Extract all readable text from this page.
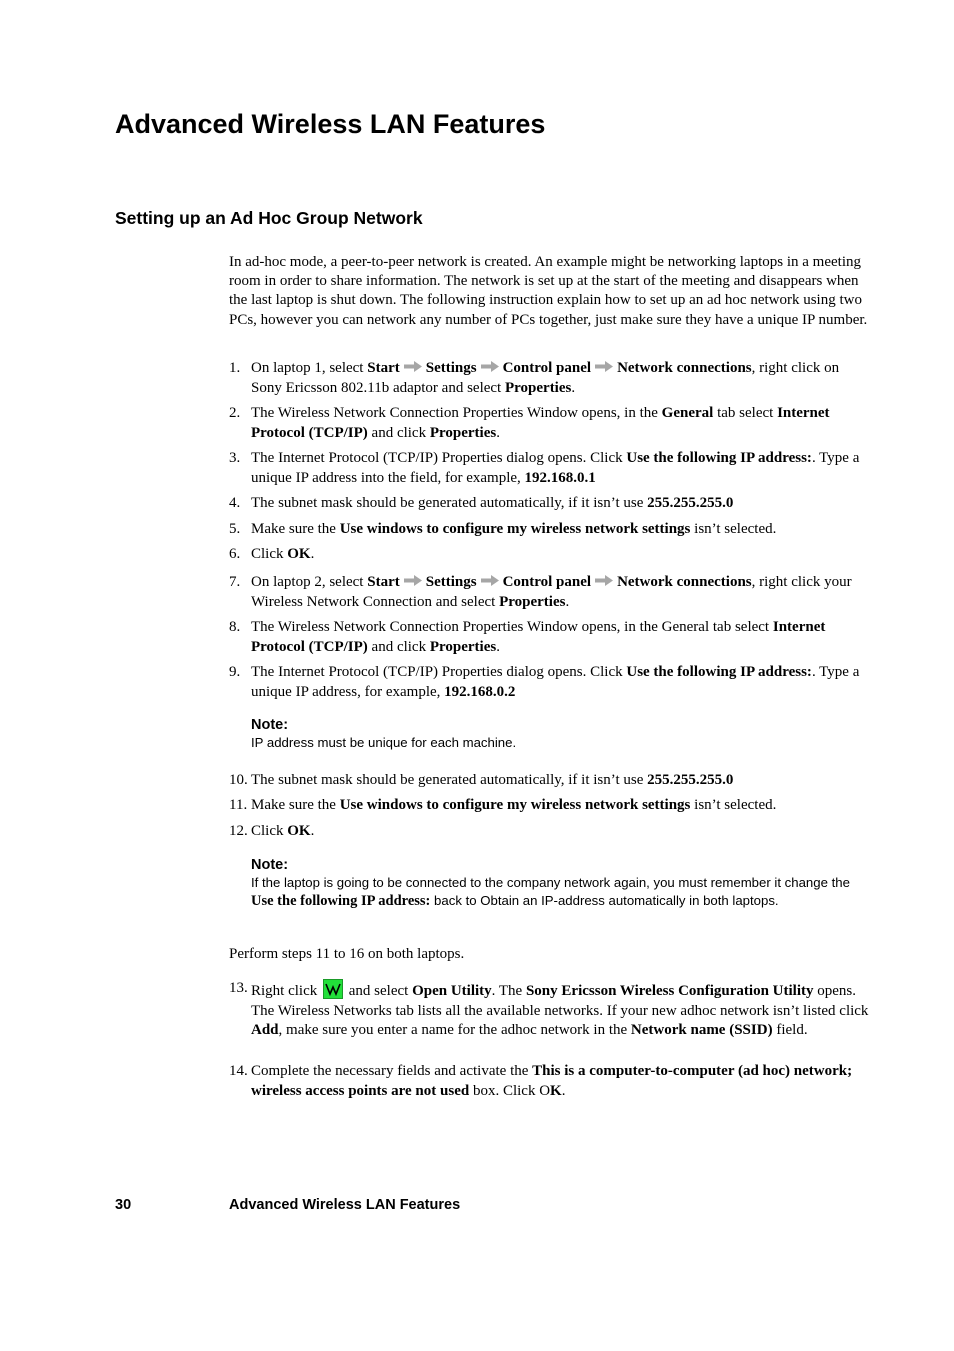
Advanced Wireless LAN Features
Setting up an Ad Hoc Group Network
In ad-hoc mode, a peer-to-peer network is created. An example might be networking laptops in a meeting room in order to share information. The network is set up at the start of the meeting and disappears when the last laptop is shut down. The following instruction explain how to set up an ad hoc network using two PCs, however you can network any number of PCs together, just make sure they have a unique IP number.
1. On laptop 1, select Start Settings Control panel Network connections, right click on Sony Ericsson 802.11b adaptor and select Properties.
2. The Wireless Network Connection Properties Window opens, in the General tab select Internet Protocol (TCP/IP) and click Properties.
3. The Internet Protocol (TCP/IP) Properties dialog opens. Click Use the following IP address:. Type a unique IP address into the field, for example, 192.168.0.1
4. The subnet mask should be generated automatically, if it isn’t use 255.255.255.0
5. Make sure the Use windows to configure my wireless network settings isn’t selected.
6. Click OK.
7. On laptop 2, select Start Settings Control panel Network connections, right click your Wireless Network Connection and select Properties.
8. The Wireless Network Connection Properties Window opens, in the General tab select Internet Protocol (TCP/IP) and click Properties.
9. The Internet Protocol (TCP/IP) Properties dialog opens. Click Use the following IP address:. Type a unique IP address, for example, 192.168.0.2
Note:
IP address must be unique for each machine.
10. The subnet mask should be generated automatically, if it isn’t use 255.255.255.0
11. Make sure the Use windows to configure my wireless network settings isn’t selected.
12. Click OK.
Note:
If the laptop is going to be connected to the company network again, you must remember it change the Use the following IP address: back to Obtain an IP-address automatically in both laptops.
Perform steps 11 to 16 on both laptops.
13. Right click
and select Open Utility. The Sony Ericsson Wireless Configuration Utility opens. The Wireless Networks tab lists all the available networks. If your new adhoc network isn’t listed click Add, make sure you enter a name for the adhoc network in the Network name (SSID) field.
14. Complete the necessary fields and activate the This is a computer-to-computer (ad hoc) network; wireless access points are not used box. Click OK.
30	Advanced Wireless LAN Features
